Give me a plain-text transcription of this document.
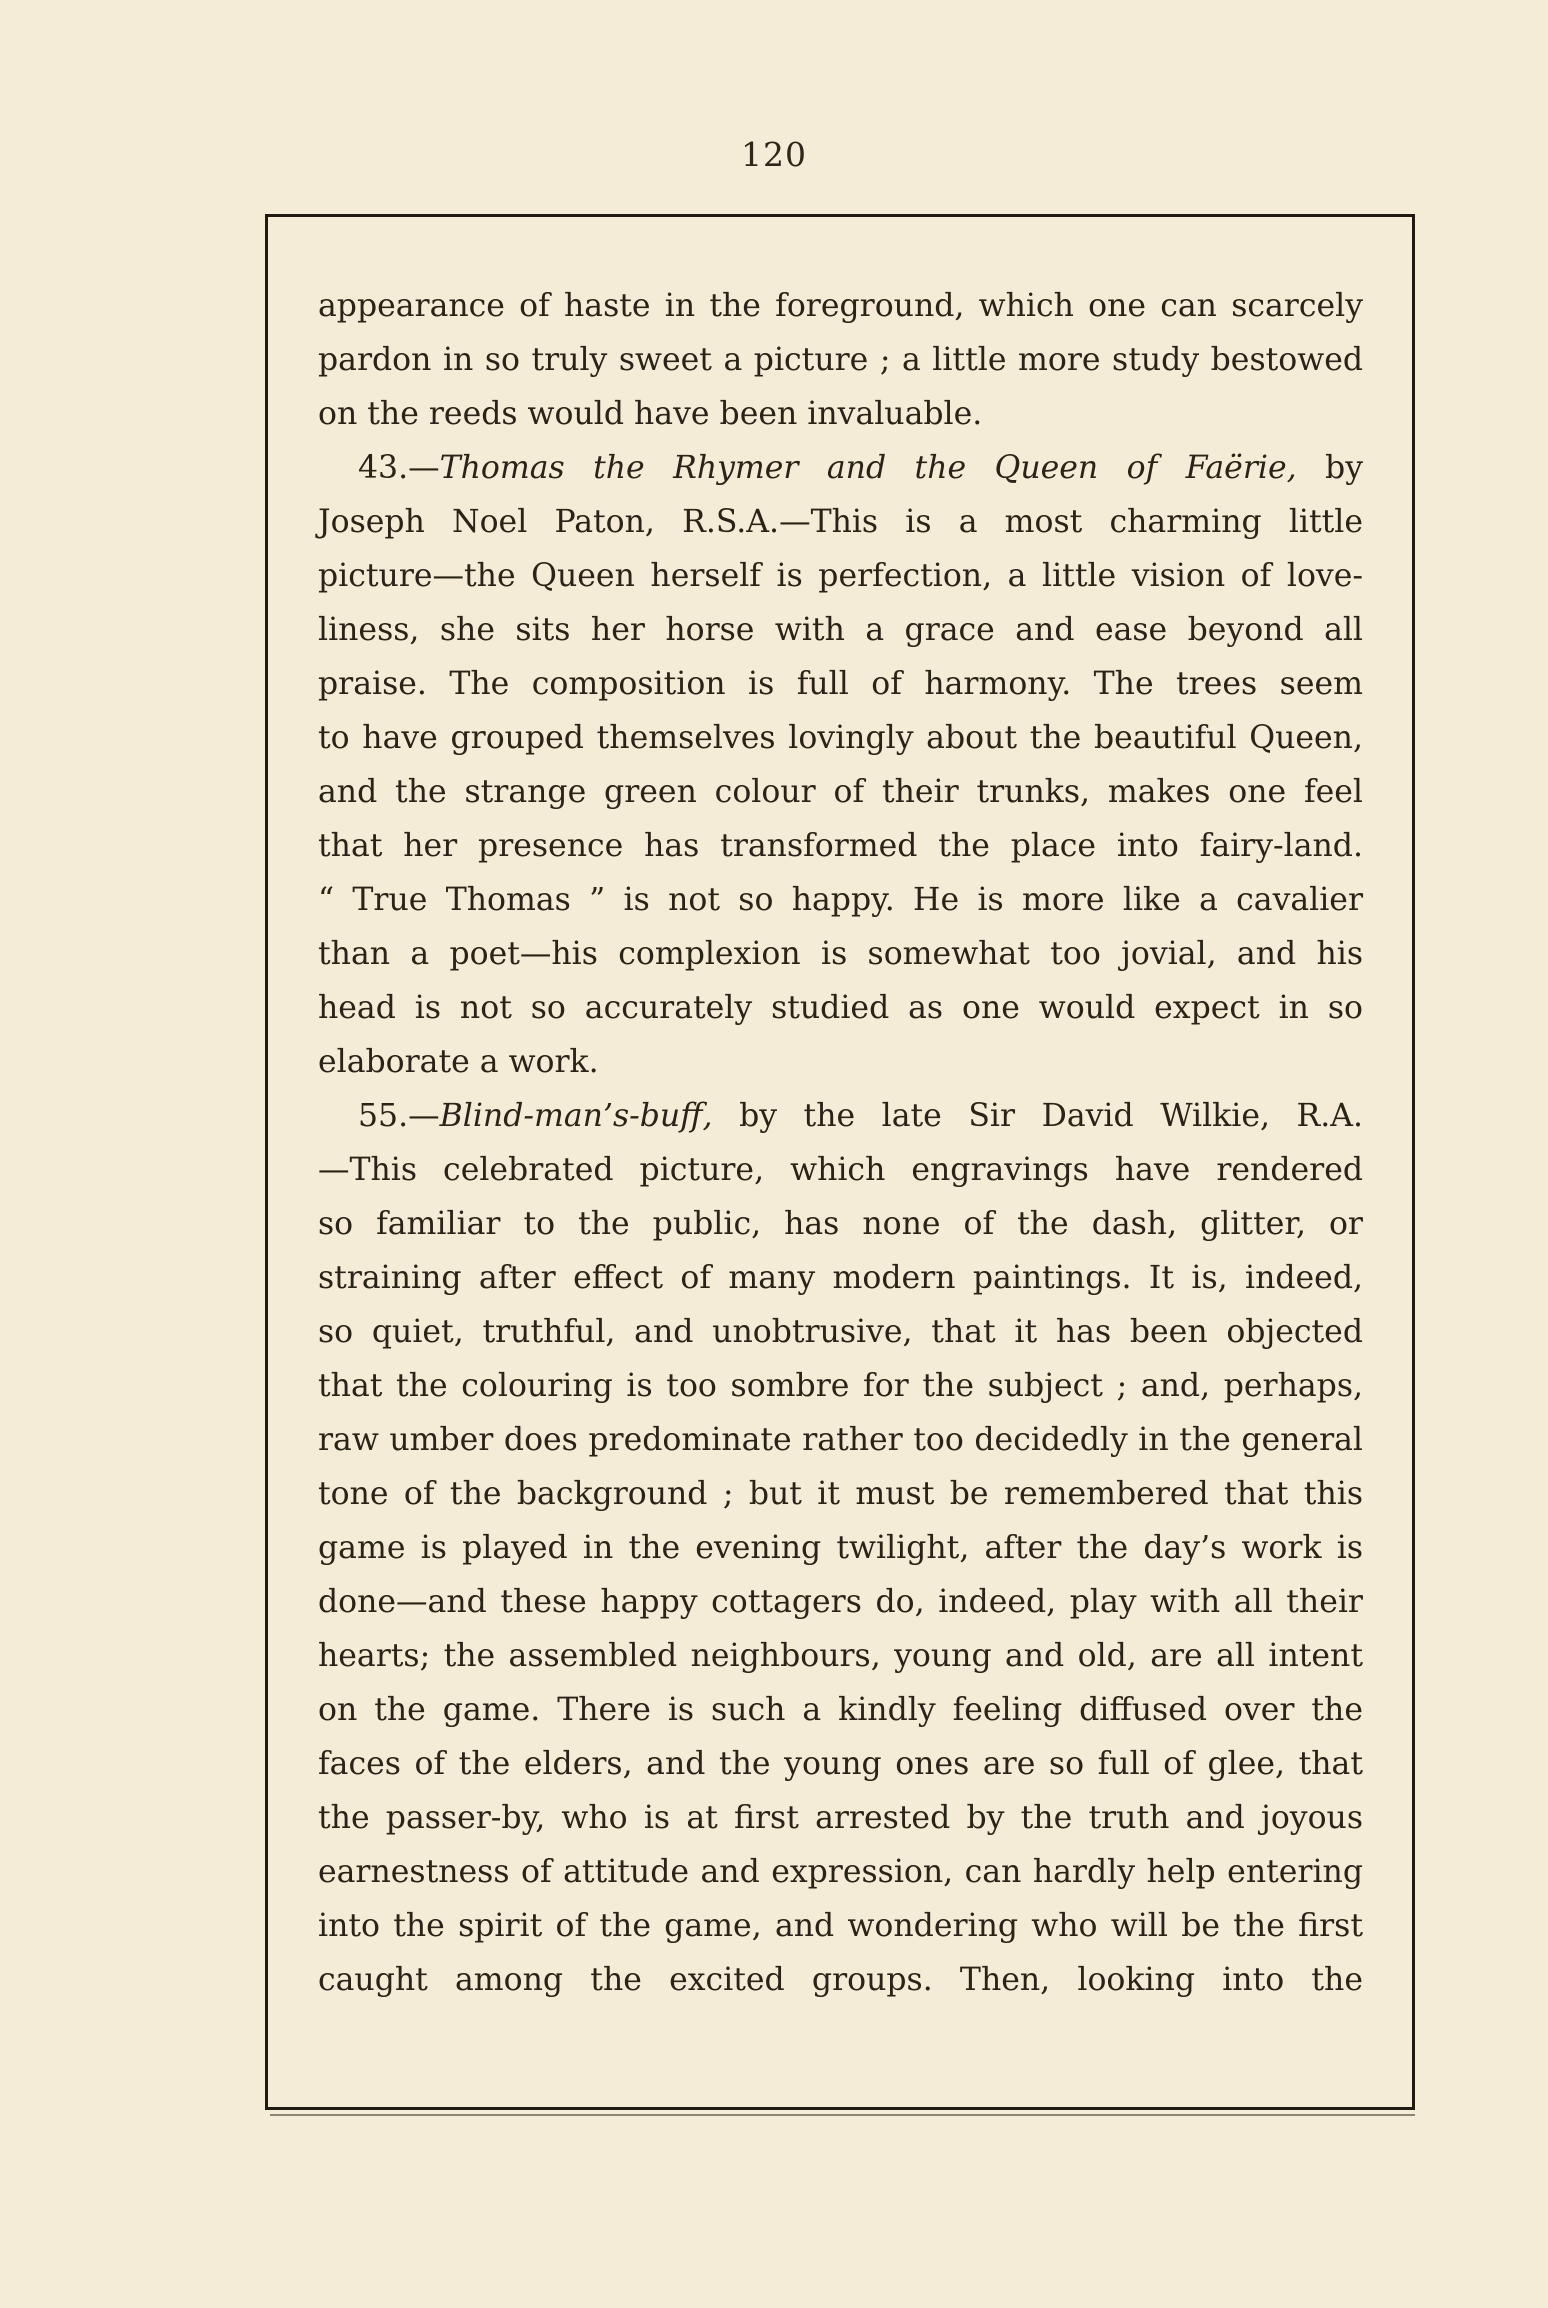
120
appearance of haste in the foreground, which one can scarcely
pardon in so truly sweet a picture ; a little more study bestowed
on the reeds would have been invaluable.
43.—Thomas the Rhymer and the Queen of Faërie, by
Joseph Noel Paton, R.S.A.—This is a most charming little
picture—the Queen herself is perfection, a little vision of love-
liness, she sits her horse with a grace and ease beyond all
praise. The composition is full of harmony. The trees seem
to have grouped themselves lovingly about the beautiful Queen,
and the strange green colour of their trunks, makes one feel
that her presence has transformed the place into fairy-land.
“ True Thomas ” is not so happy. He is more like a cavalier
than a poet—his complexion is somewhat too jovial, and his
head is not so accurately studied as one would expect in so
elaborate a work.
55.—Blind-man’s-buff, by the late Sir David Wilkie, R.A.
—This celebrated picture, which engravings have rendered
so familiar to the public, has none of the dash, glitter, or
straining after effect of many modern paintings. It is, indeed,
so quiet, truthful, and unobtrusive, that it has been objected
that the colouring is too sombre for the subject ; and, perhaps,
raw umber does predominate rather too decidedly in the general
tone of the background ; but it must be remembered that this
game is played in the evening twilight, after the day’s work is
done—and these happy cottagers do, indeed, play with all their
hearts; the assembled neighbours, young and old, are all intent
on the game. There is such a kindly feeling diffused over the
faces of the elders, and the young ones are so full of glee, that
the passer-by, who is at first arrested by the truth and joyous
earnestness of attitude and expression, can hardly help entering
into the spirit of the game, and wondering who will be the first
caught among the excited groups. Then, looking into the
